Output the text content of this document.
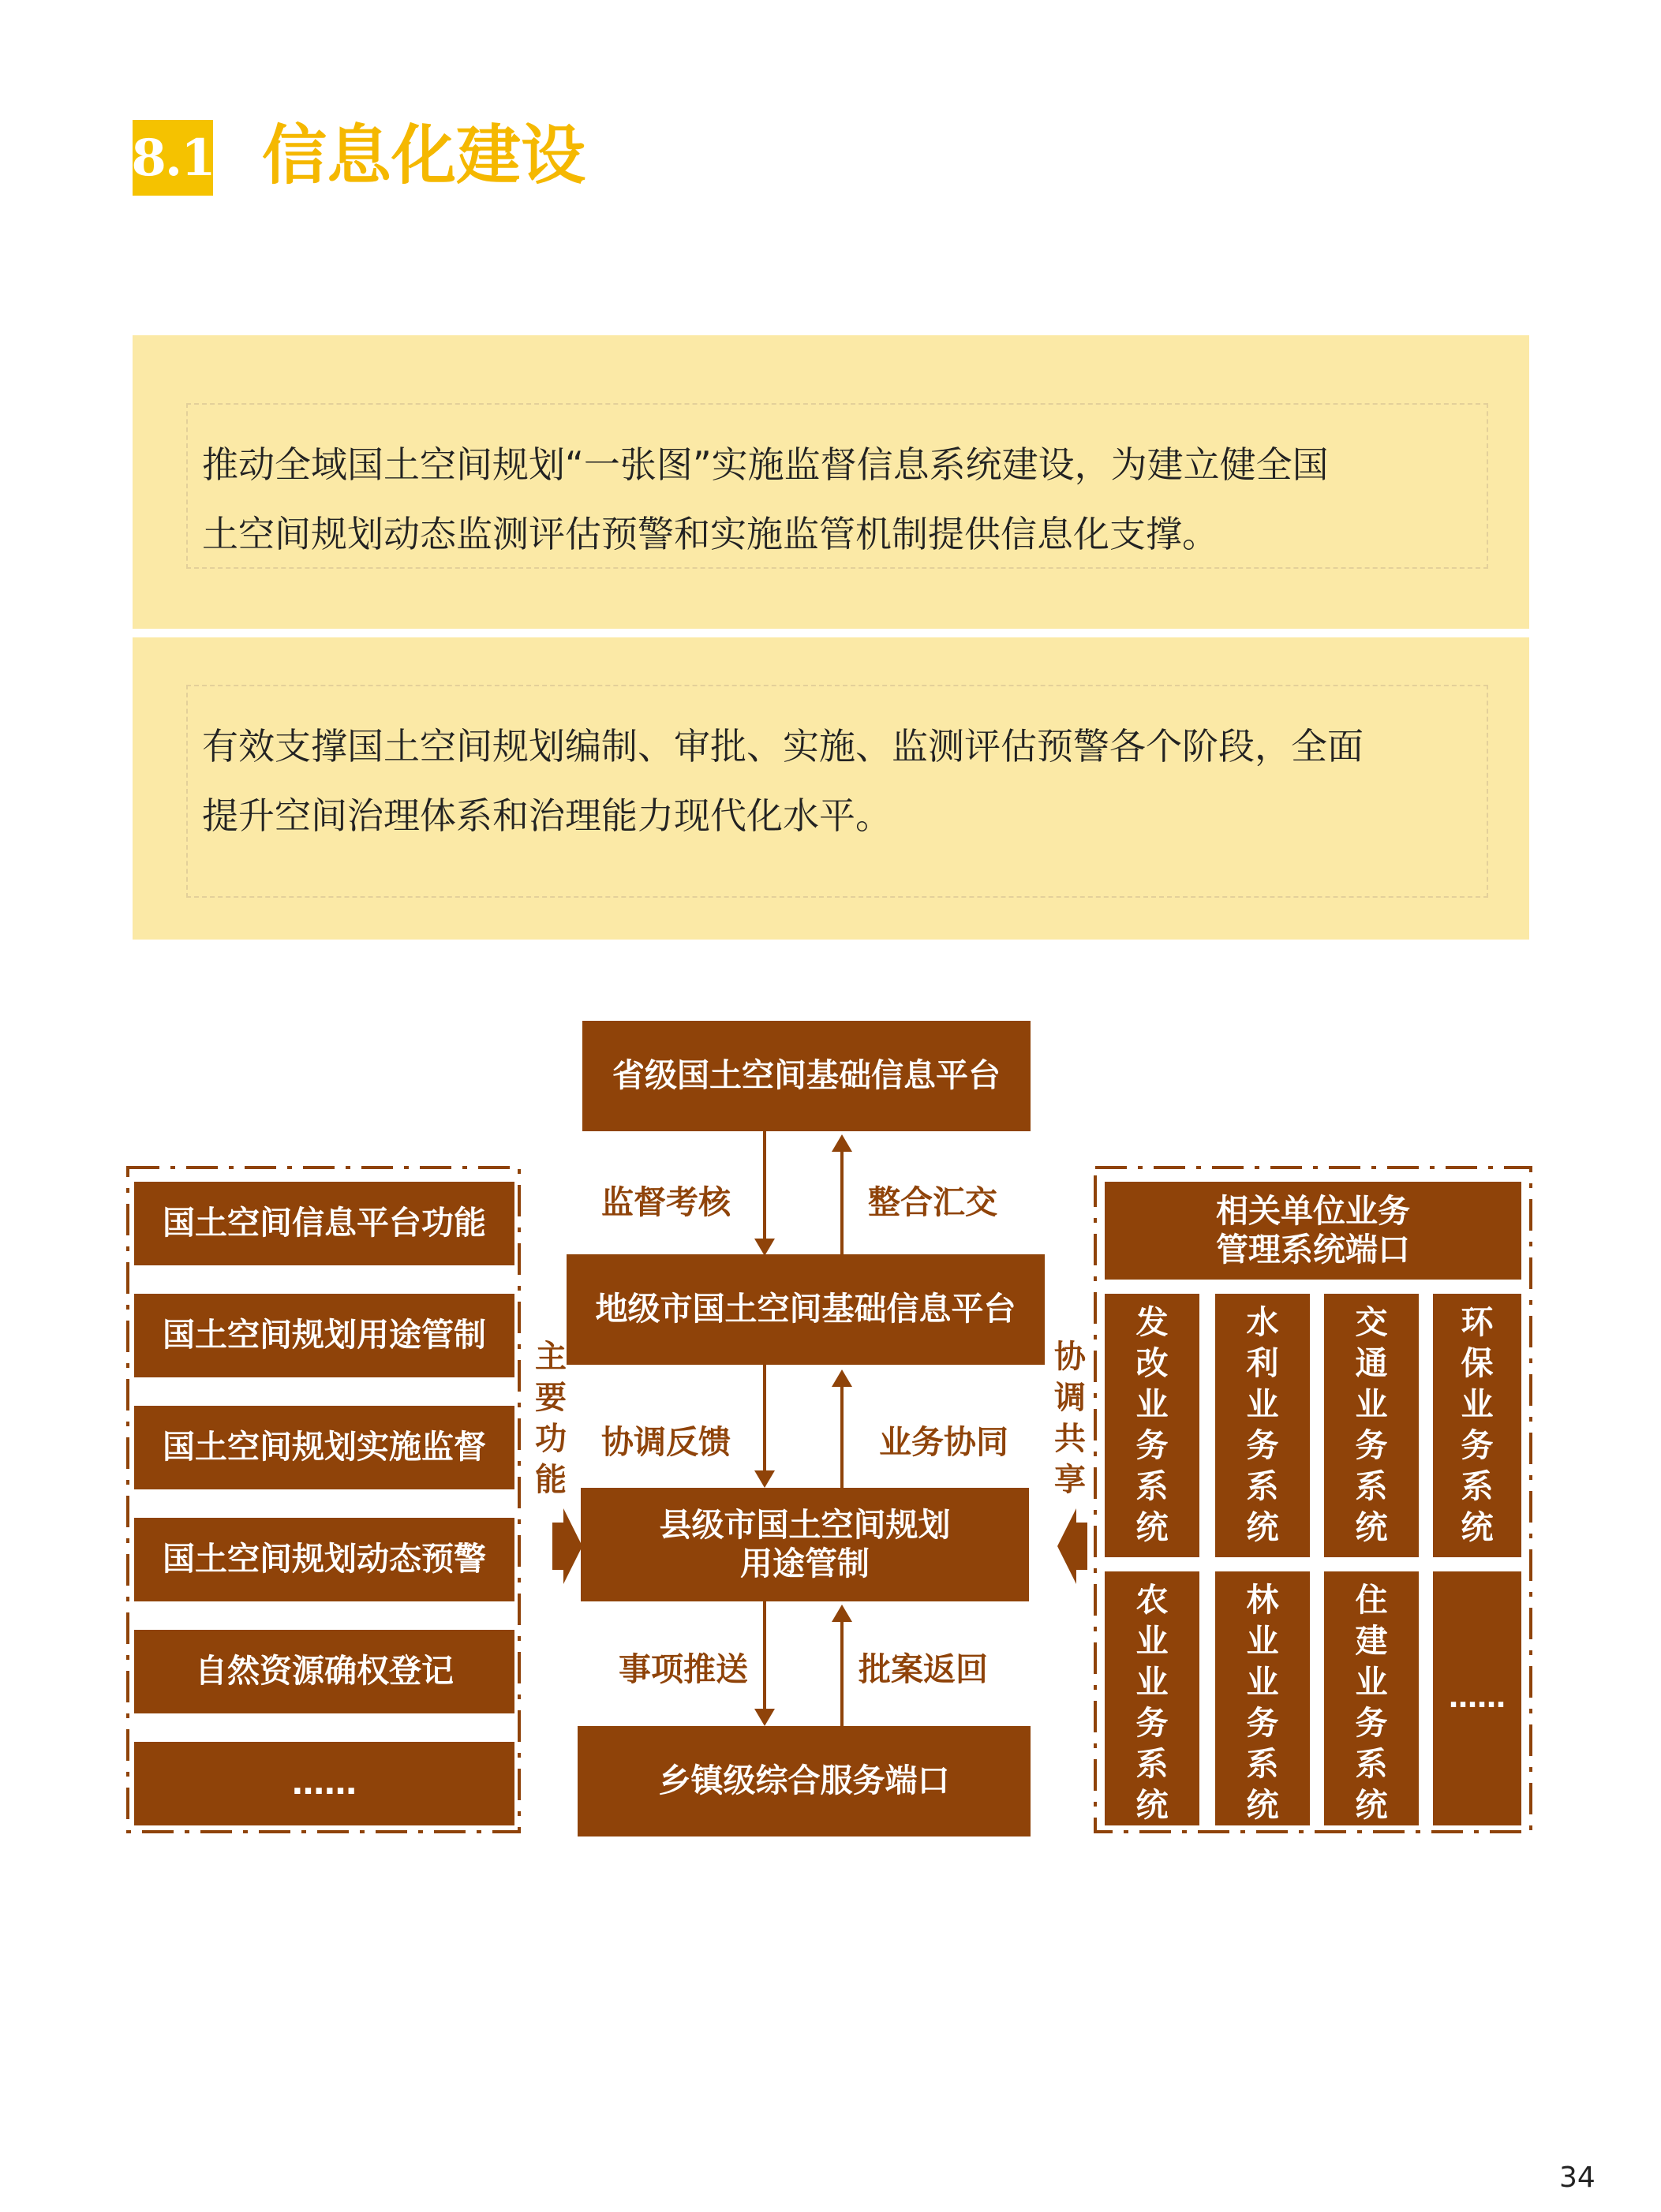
8.1 信息化建设
推动全域国土空间规划“一张图”实施监督信息系统建设，为建立健全国
土空间规划动态监测评估预警和实施监管机制提供信息化支撑。
有效支撑国土空间规划编制、审批、实施、监测评估预警各个阶段，全面
提升空间治理体系和治理能力现代化水平。
省级国土空间基础信息平台
地级市国土空间基础信息平台
县级市国土空间规划
用途管制
乡镇级综合服务端口
监督考核	整合汇交
协调反馈	业务协同
事项推送	批案返回
主
要
功
能
协
调
共
享
国土空间信息平台功能
国土空间规划用途管制
国土空间规划实施监督
国土空间规划动态预警
自然资源确权登记
……
相关单位业务
管理系统端口
发
改
业
务
系
统
水
利
业
务
系
统
交
通
业
务
系
统
环
保
业
务
系
统
农
业
业
务
系
统
林
业
业
务
系
统
住
建
业
务
系
统
……
34
